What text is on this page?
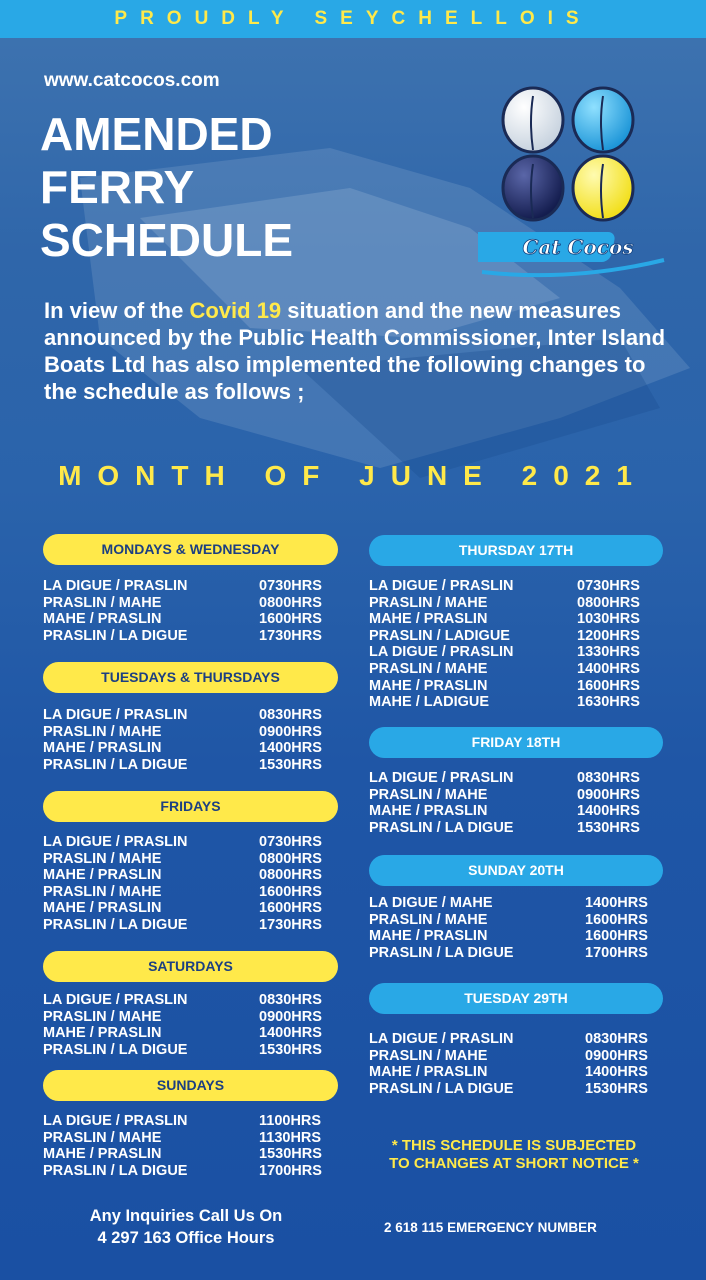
PROUDLY SEYCHELLOIS
www.catcocos.com
AMENDED
FERRY
SCHEDULE	Cat Cocos

In view of the Covid 19 situation and the new measures announced by the Public Health Commissioner, Inter Island Boats Ltd has also implemented the following changes to the schedule as follows ;

MONTH OF JUNE 2021
MONDAYS & WEDNESDAY
LA DIGUE / PRASLIN	0730HRS
PRASLIN / MAHE	0800HRS
MAHE / PRASLIN	1600HRS
PRASLIN / LA DIGUE	1730HRS
TUESDAYS & THURSDAYS
LA DIGUE / PRASLIN	0830HRS
PRASLIN / MAHE	0900HRS
MAHE / PRASLIN	1400HRS
PRASLIN / LA DIGUE	1530HRS
FRIDAYS
LA DIGUE / PRASLIN	0730HRS
PRASLIN / MAHE	0800HRS
MAHE / PRASLIN	0800HRS
PRASLIN / MAHE	1600HRS
MAHE / PRASLIN	1600HRS
PRASLIN / LA DIGUE	1730HRS
SATURDAYS
LA DIGUE / PRASLIN	0830HRS
PRASLIN / MAHE	0900HRS
MAHE / PRASLIN	1400HRS
PRASLIN / LA DIGUE	1530HRS
SUNDAYS
LA DIGUE / PRASLIN	1100HRS
PRASLIN / MAHE	1130HRS
MAHE / PRASLIN	1530HRS
PRASLIN / LA DIGUE	1700HRS
THURSDAY 17TH
LA DIGUE / PRASLIN	0730HRS
PRASLIN / MAHE	0800HRS
MAHE / PRASLIN	1030HRS
PRASLIN / LADIGUE	1200HRS
LA DIGUE / PRASLIN	1330HRS
PRASLIN / MAHE	1400HRS
MAHE / PRASLIN	1600HRS
MAHE / LADIGUE	1630HRS
FRIDAY 18TH
LA DIGUE / PRASLIN	0830HRS
PRASLIN / MAHE	0900HRS
MAHE / PRASLIN	1400HRS
PRASLIN / LA DIGUE	1530HRS
SUNDAY 20TH
LA DIGUE / MAHE	1400HRS
PRASLIN / MAHE	1600HRS
MAHE / PRASLIN	1600HRS
PRASLIN / LA DIGUE	1700HRS
TUESDAY 29TH
LA DIGUE / PRASLIN	0830HRS
PRASLIN / MAHE	0900HRS
MAHE / PRASLIN	1400HRS
PRASLIN / LA DIGUE	1530HRS
* THIS SCHEDULE IS SUBJECTED
TO CHANGES AT SHORT NOTICE *
Any Inquiries Call Us On
4 297 163 Office Hours
2 618 115 EMERGENCY NUMBER
